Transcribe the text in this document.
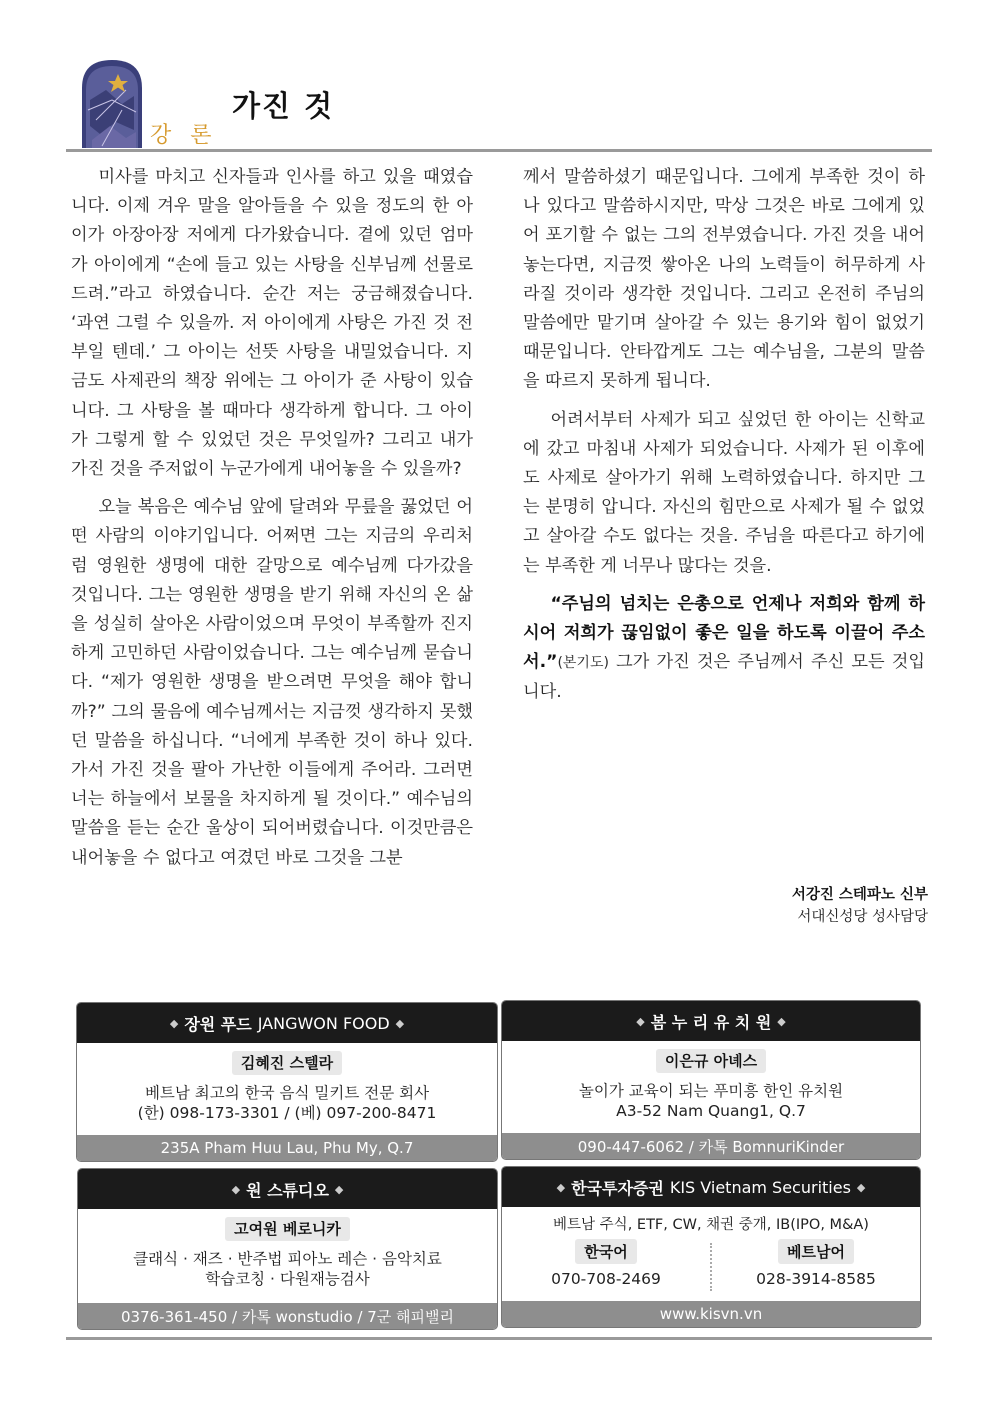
강 론
가진 것

미사를 마치고 신자들과 인사를 하고 있을 때였습니다. 이제 겨우 말을 알아들을 수 있을 정도의 한 아이가 아장아장 저에게 다가왔습니다. 곁에 있던 엄마가 아이에게 “손에 들고 있는 사탕을 신부님께 선물로 드려.”라고 하였습니다. 순간 저는 궁금해졌습니다. ‘과연 그럴 수 있을까. 저 아이에게 사탕은 가진 것 전부일 텐데.’ 그 아이는 선뜻 사탕을 내밀었습니다. 지금도 사제관의 책장 위에는 그 아이가 준 사탕이 있습니다. 그 사탕을 볼 때마다 생각하게 합니다. 그 아이가 그렇게 할 수 있었던 것은 무엇일까? 그리고 내가 가진 것을 주저없이 누군가에게 내어놓을 수 있을까?

오늘 복음은 예수님 앞에 달려와 무릎을 꿇었던 어떤 사람의 이야기입니다. 어쩌면 그는 지금의 우리처럼 영원한 생명에 대한 갈망으로 예수님께 다가갔을 것입니다. 그는 영원한 생명을 받기 위해 자신의 온 삶을 성실히 살아온 사람이었으며 무엇이 부족할까 진지하게 고민하던 사람이었습니다. 그는 예수님께 묻습니다. “제가 영원한 생명을 받으려면 무엇을 해야 합니까?” 그의 물음에 예수님께서는 지금껏 생각하지 못했던 말씀을 하십니다. “너에게 부족한 것이 하나 있다. 가서 가진 것을 팔아 가난한 이들에게 주어라. 그러면 너는 하늘에서 보물을 차지하게 될 것이다.” 예수님의 말씀을 듣는 순간 울상이 되어버렸습니다. 이것만큼은 내어놓을 수 없다고 여겼던 바로 그것을 그분

께서 말씀하셨기 때문입니다. 그에게 부족한 것이 하나 있다고 말씀하시지만, 막상 그것은 바로 그에게 있어 포기할 수 없는 그의 전부였습니다. 가진 것을 내어놓는다면, 지금껏 쌓아온 나의 노력들이 허무하게 사라질 것이라 생각한 것입니다. 그리고 온전히 주님의 말씀에만 맡기며 살아갈 수 있는 용기와 힘이 없었기 때문입니다. 안타깝게도 그는 예수님을, 그분의 말씀을 따르지 못하게 됩니다.

어려서부터 사제가 되고 싶었던 한 아이는 신학교에 갔고 마침내 사제가 되었습니다. 사제가 된 이후에도 사제로 살아가기 위해 노력하였습니다. 하지만 그는 분명히 압니다. 자신의 힘만으로 사제가 될 수 없었고 살아갈 수도 없다는 것을. 주님을 따른다고 하기에는 부족한 게 너무나 많다는 것을.

“주님의 넘치는 은총으로 언제나 저희와 함께 하시어 저희가 끊임없이 좋은 일을 하도록 이끌어 주소서.”(본기도) 그가 가진 것은 주님께서 주신 모든 것입니다.

서강진 스테파노 신부
서대신성당 성사담당
◆ 장원 푸드 JANGWON FOOD ◆
김혜진 스텔라
베트남 최고의 한국 음식 밀키트 전문 회사
(한) 098-173-3301 / (베) 097-200-8471
235A Pham Huu Lau, Phu My, Q.7
◆ 봄 누 리 유 치 원 ◆
이은규 아녜스
놀이가 교육이 되는 푸미흥 한인 유치원
A3-52 Nam Quang1, Q.7
090-447-6062 / 카톡 BomnuriKinder
◆ 원 스튜디오 ◆
고여원 베로니카
클래식 · 재즈 · 반주법 피아노 레슨 · 음악치료
학습코칭 · 다원재능검사
0376-361-450 / 카톡 wonstudio / 7군 해피밸리
◆ 한국투자증권 KIS Vietnam Securities ◆
베트남 주식, ETF, CW, 채권 중개, IB(IPO, M&A)
한국어
070-708-2469
베트남어
028-3914-8585
www.kisvn.vn
